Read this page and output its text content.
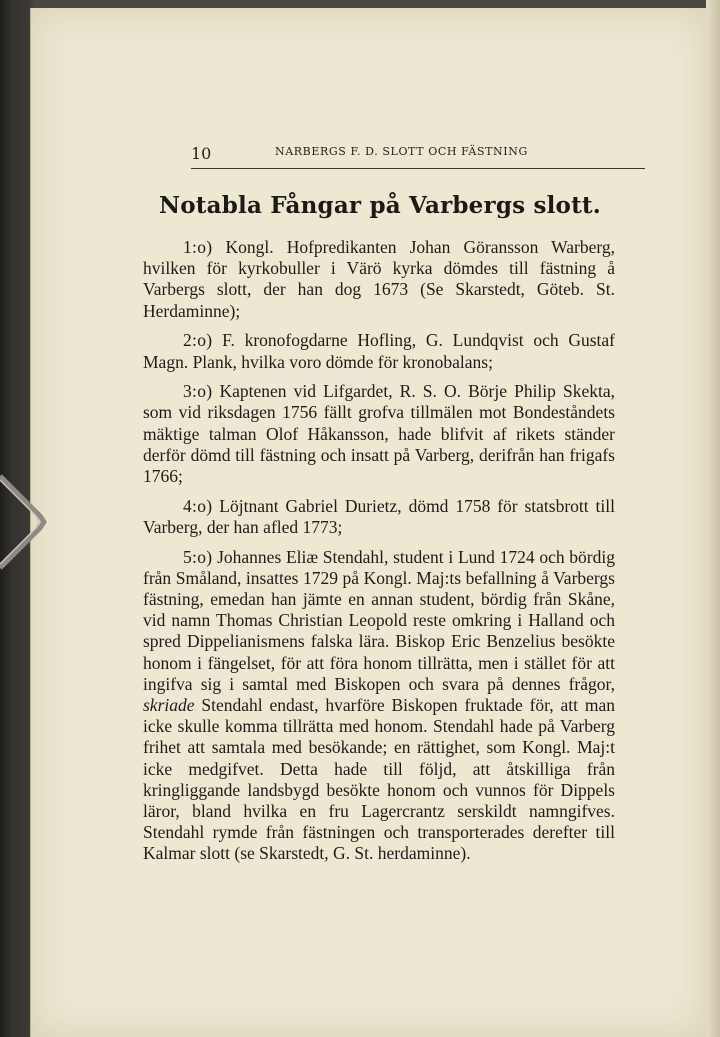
10	NARBERGS F. D. SLOTT OCH FÄSTNING
Notabla Fångar på Varbergs slott.

1:o) Kongl. Hofpredikanten Johan Göransson Warberg, hvilken för kyrkobuller i Värö kyrka dömdes till fästning å Varbergs slott, der han dog 1673 (Se Skarstedt, Göteb. St. Herdaminne);

2:o) F. kronofogdarne Hofling, G. Lundqvist och Gustaf Magn. Plank, hvilka voro dömde för kronobalans;

3:o) Kaptenen vid Lifgardet, R. S. O. Börje Philip Skekta, som vid riksdagen 1756 fällt grofva tillmälen mot Bondeståndets mäktige talman Olof Håkansson, hade blifvit af rikets ständer derför dömd till fästning och insatt på Varberg, derifrån han frigafs 1766;

4:o) Löjtnant Gabriel Durietz, dömd 1758 för statsbrott till Varberg, der han afled 1773;

5:o) Johannes Eliæ Stendahl, student i Lund 1724 och bördig från Småland, insattes 1729 på Kongl. Maj:ts befallning å Varbergs fästning, emedan han jämte en annan student, bördig från Skåne, vid namn Thomas Christian Leopold reste omkring i Halland och spred Dippelianismens falska lära. Biskop Eric Benzelius besökte honom i fängelset, för att föra honom tillrätta, men i stället för att ingifva sig i samtal med Biskopen och svara på dennes frågor, skriade Stendahl endast, hvarföre Biskopen fruktade för, att man icke skulle komma tillrätta med honom. Stendahl hade på Varberg frihet att samtala med besökande; en rättighet, som Kongl. Maj:t icke medgifvet. Detta hade till följd, att åtskilliga från kringliggande landsbygd besökte honom och vunnos för Dippels läror, bland hvilka en fru Lagercrantz serskildt namngifves. Stendahl rymde från fästningen och transporterades derefter till Kalmar slott (se Skarstedt, G. St. herdaminne).
